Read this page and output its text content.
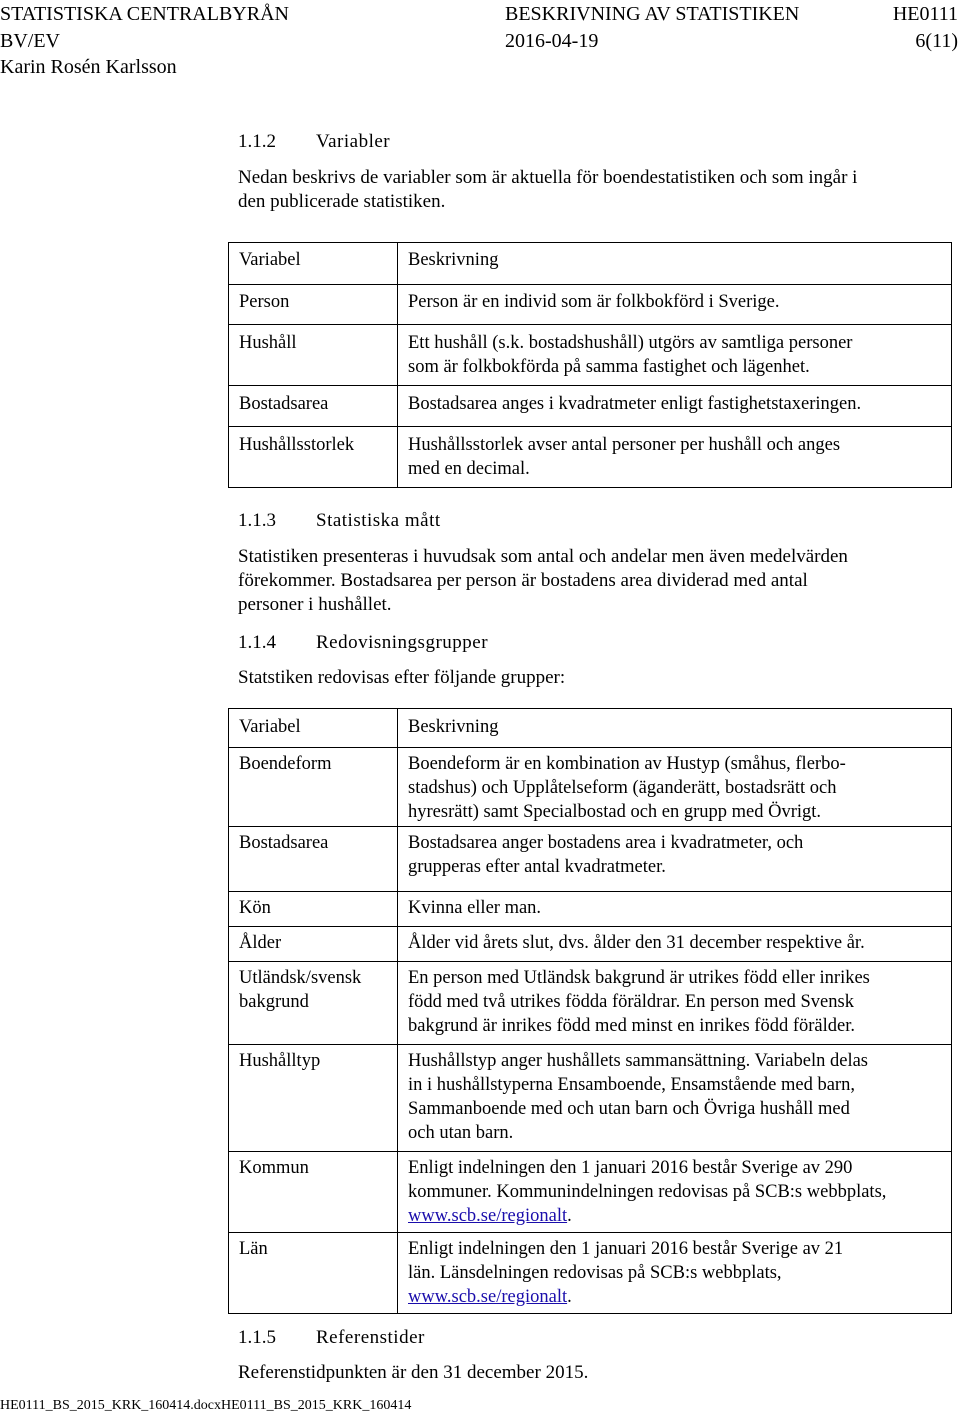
STATISTISKA CENTRALBYRÅN	BESKRIVNING AV STATISTIKEN	HE0111
BV/EV	2016-04-19	6(11)
Karin Rosén Karlsson
1.1.2 Variabler
Nedan beskrivs de variabler som är aktuella för boendestatistiken och som ingår i
den publicerade statistiken.
Variabel	Beskrivning

Person	Person är en individ som är folkbokförd i Sverige.

Hushåll	Ett hushåll (s.k. bostadshushåll) utgörs av samtliga personer
som är folkbokförda på samma fastighet och lägenhet.

Bostadsarea	Bostadsarea anges i kvadratmeter enligt fastighetstaxeringen.

Hushållsstorlek	Hushållsstorlek avser antal personer per hushåll och anges
med en decimal.
1.1.3 Statistiska mått
Statistiken presenteras i huvudsak som antal och andelar men även medelvärden
förekommer. Bostadsarea per person är bostadens area dividerad med antal
personer i hushållet.
1.1.4 Redovisningsgrupper
Statstiken redovisas efter följande grupper:
Variabel	Beskrivning

Boendeform	Boendeform är en kombination av Hustyp (småhus, flerbo-
stadshus) och Upplåtelseform (äganderätt, bostadsrätt och
hyresrätt) samt Specialbostad och en grupp med Övrigt.

Bostadsarea	Bostadsarea anger bostadens area i kvadratmeter, och
grupperas efter antal kvadratmeter.

Kön	Kvinna eller man.

Ålder	Ålder vid årets slut, dvs. ålder den 31 december respektive år.

Utländsk/svensk
bakgrund	En person med Utländsk bakgrund är utrikes född eller inrikes
född med två utrikes födda föräldrar. En person med Svensk
bakgrund är inrikes född med minst en inrikes född förälder.

Hushålltyp	Hushållstyp anger hushållets sammansättning. Variabeln delas
in i hushållstyperna Ensamboende, Ensamstående med barn,
Sammanboende med och utan barn och Övriga hushåll med
och utan barn.

Kommun	Enligt indelningen den 1 januari 2016 består Sverige av 290
kommuner. Kommunindelningen redovisas på SCB:s webbplats,
www.scb.se/regionalt.

Län	Enligt indelningen den 1 januari 2016 består Sverige av 21
län. Länsdelningen redovisas på SCB:s webbplats,
www.scb.se/regionalt.
1.1.5 Referenstider
Referenstidpunkten är den 31 december 2015.
HE0111_BS_2015_KRK_160414.docxHE0111_BS_2015_KRK_160414
